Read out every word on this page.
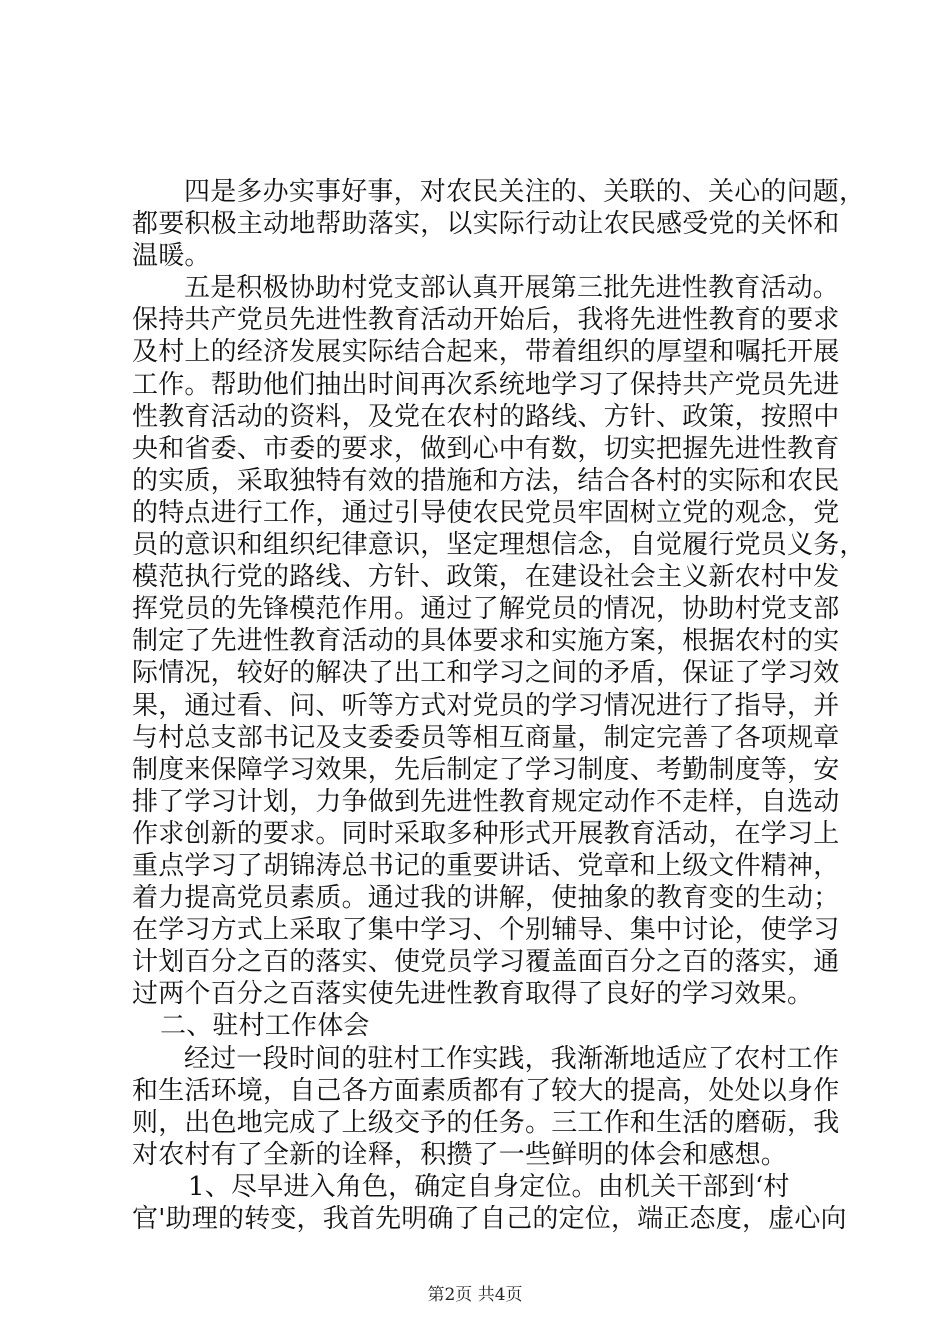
四是多办实事好事，对农民关注的、关联的、关心的问题，
都要积极主动地帮助落实，以实际行动让农民感受党的关怀和
温暖。
五是积极协助村党支部认真开展第三批先进性教育活动。
保持共产党员先进性教育活动开始后，我将先进性教育的要求
及村上的经济发展实际结合起来，带着组织的厚望和嘱托开展
工作。帮助他们抽出时间再次系统地学习了保持共产党员先进
性教育活动的资料，及党在农村的路线、方针、政策，按照中
央和省委、市委的要求，做到心中有数，切实把握先进性教育
的实质，采取独特有效的措施和方法，结合各村的实际和农民
的特点进行工作，通过引导使农民党员牢固树立党的观念，党
员的意识和组织纪律意识，坚定理想信念，自觉履行党员义务，
模范执行党的路线、方针、政策，在建设社会主义新农村中发
挥党员的先锋模范作用。通过了解党员的情况，协助村党支部
制定了先进性教育活动的具体要求和实施方案，根据农村的实
际情况，较好的解决了出工和学习之间的矛盾，保证了学习效
果，通过看、问、听等方式对党员的学习情况进行了指导，并
与村总支部书记及支委委员等相互商量，制定完善了各项规章
制度来保障学习效果，先后制定了学习制度、考勤制度等，安
排了学习计划，力争做到先进性教育规定动作不走样，自选动
作求创新的要求。同时采取多种形式开展教育活动，在学习上
重点学习了胡锦涛总书记的重要讲话、党章和上级文件精神，
着力提高党员素质。通过我的讲解，使抽象的教育变的生动；
在学习方式上采取了集中学习、个别辅导、集中讨论，使学习
计划百分之百的落实、使党员学习覆盖面百分之百的落实，通
过两个百分之百落实使先进性教育取得了良好的学习效果。
二、驻村工作体会
经过一段时间的驻村工作实践，我渐渐地适应了农村工作
和生活环境，自己各方面素质都有了较大的提高，处处以身作
则，出色地完成了上级交予的任务。三工作和生活的磨砺，我
对农村有了全新的诠释，积攒了一些鲜明的体会和感想。
1、尽早进入角色，确定自身定位。由机关干部到‘村
官'助理的转变，我首先明确了自己的定位，端正态度，虚心向
第2页 共4页
